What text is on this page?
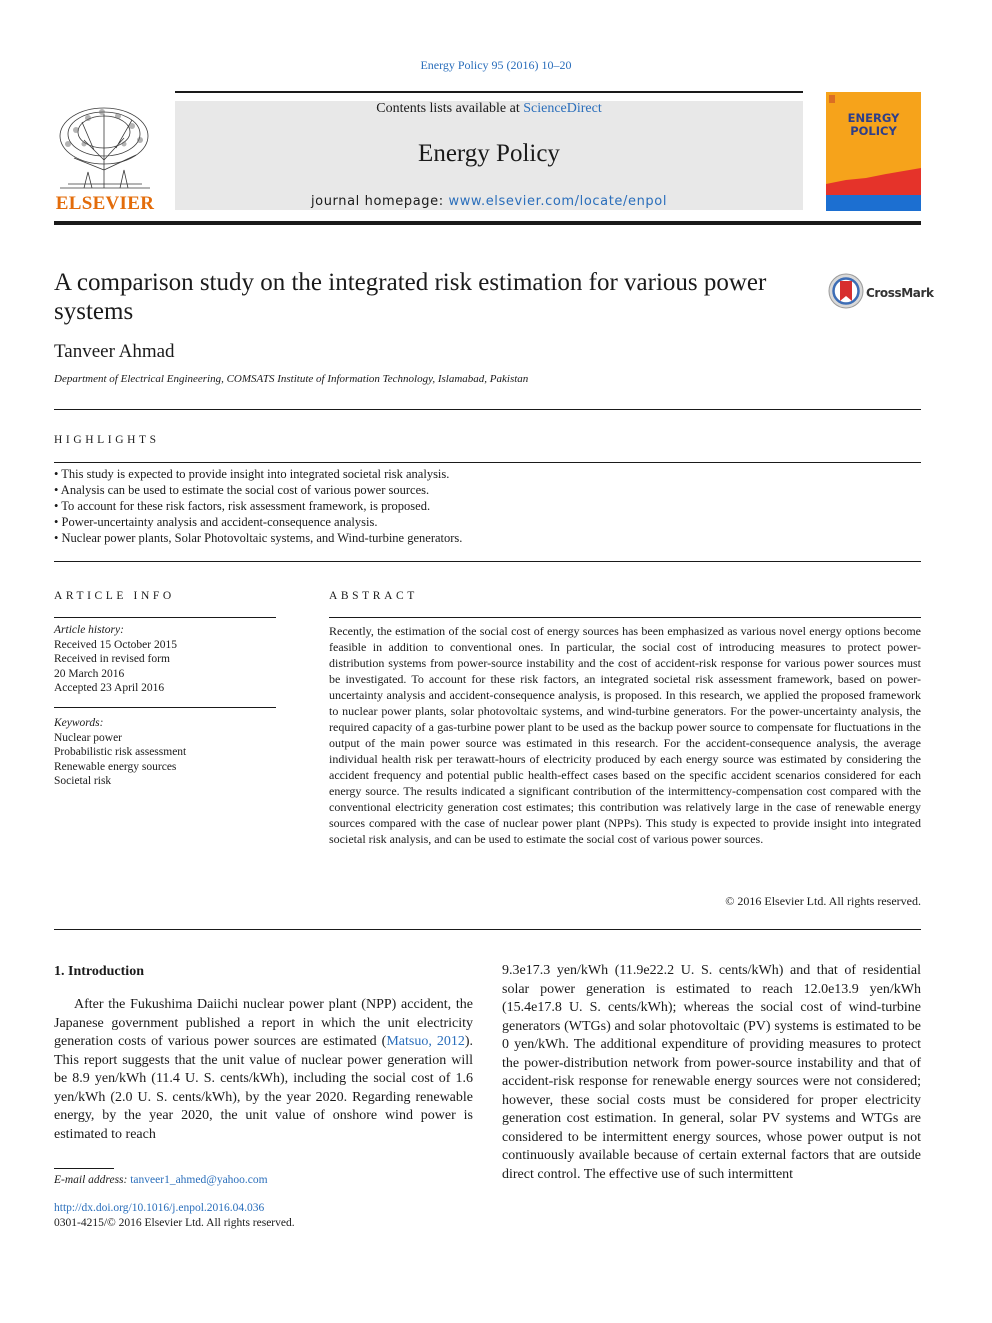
Energy Policy 95 (2016) 10–20
ELSEVIER
Contents lists available at ScienceDirect
Energy Policy
journal homepage: www.elsevier.com/locate/enpol
ENERGY
POLICY
A comparison study on the integrated risk estimation for various power systems
CrossMark
Tanveer Ahmad
Department of Electrical Engineering, COMSATS Institute of Information Technology, Islamabad, Pakistan
HIGHLIGHTS
• This study is expected to provide insight into integrated societal risk analysis.
• Analysis can be used to estimate the social cost of various power sources.
• To account for these risk factors, risk assessment framework, is proposed.
• Power-uncertainty analysis and accident-consequence analysis.
• Nuclear power plants, Solar Photovoltaic systems, and Wind-turbine generators.
ARTICLE INFO
Article history:
Received 15 October 2015
Received in revised form
20 March 2016
Accepted 23 April 2016
Keywords:
Nuclear power
Probabilistic risk assessment
Renewable energy sources
Societal risk
ABSTRACT

Recently, the estimation of the social cost of energy sources has been emphasized as various novel energy options become feasible in addition to conventional ones. In particular, the social cost of introducing measures to protect power-distribution systems from power-source instability and the cost of accident-risk response for various power sources must be investigated. To account for these risk factors, an integrated societal risk assessment framework, based on power-uncertainty analysis and accident-consequence analysis, is proposed. In this research, we applied the proposed framework to nuclear power plants, solar photovoltaic systems, and wind-turbine generators. For the power-uncertainty analysis, the required capacity of a gas-turbine power plant to be used as the backup power source to compensate for fluctuations in the output of the main power source was estimated in this research. For the accident-consequence analysis, the average individual health risk per terawatt-hours of electricity produced by each energy source was estimated by considering the accident frequency and potential public health-effect cases based on the specific accident scenarios considered for each energy source. The results indicated a significant contribution of the intermittency-compensation cost compared with the conventional electricity generation cost estimates; this contribution was relatively large in the case of renewable energy sources compared with the case of nuclear power plant (NPPs). This study is expected to provide insight into integrated societal risk analysis, and can be used to estimate the social cost of various power sources.

© 2016 Elsevier Ltd. All rights reserved.
1. Introduction

After the Fukushima Daiichi nuclear power plant (NPP) accident, the Japanese government published a report in which the unit electricity generation costs of various power sources are estimated (Matsuo, 2012). This report suggests that the unit value of nuclear power generation will be 8.9 yen/kWh (11.4 U. S. cents/kWh), including the social cost of 1.6 yen/kWh (2.0 U. S. cents/kWh), by the year 2020. Regarding renewable energy, by the year 2020, the unit value of onshore wind power is estimated to reach

9.3e17.3 yen/kWh (11.9e22.2 U. S. cents/kWh) and that of residential solar power generation is estimated to reach 12.0e13.9 yen/kWh (15.4e17.8 U. S. cents/kWh); whereas the social cost of wind-turbine generators (WTGs) and solar photovoltaic (PV) systems is estimated to be 0 yen/kWh. The additional expenditure of providing measures to protect the power-distribution network from power-source instability and that of accident-risk response for renewable energy sources were not considered; however, these social costs must be considered for proper electricity generation cost estimation. In general, solar PV systems and WTGs are considered to be intermittent energy sources, whose power output is not continuously available because of certain external factors that are outside direct control. The effective use of such intermittent

E-mail address: tanveer1_ahmed@yahoo.com
http://dx.doi.org/10.1016/j.enpol.2016.04.036
0301-4215/© 2016 Elsevier Ltd. All rights reserved.
